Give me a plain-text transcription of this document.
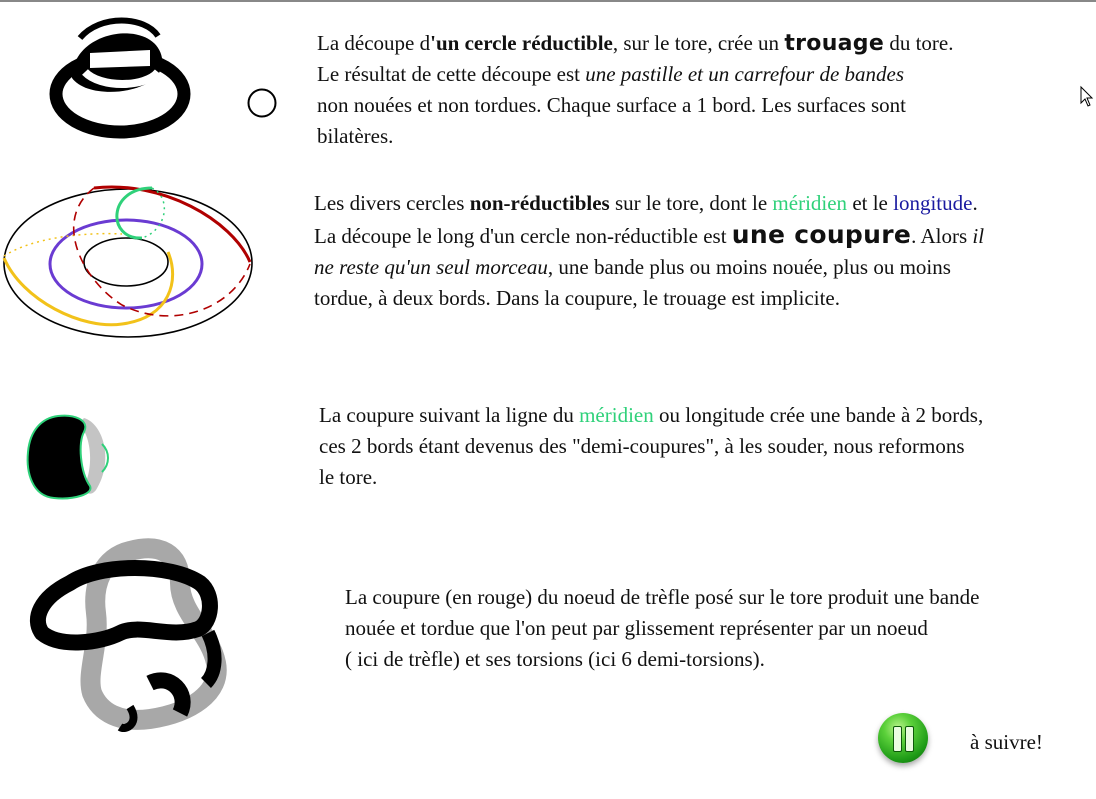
La découpe d'un cercle réductible, sur le tore, crée un trouage du tore.
Le résultat de cette découpe est une pastille et un carrefour de bandes
non nouées et non tordues. Chaque surface a 1 bord. Les surfaces sont
bilatères.
Les divers cercles non-réductibles sur le tore, dont le méridien et le longitude.
La découpe le long d'un cercle non-réductible est une coupure. Alors il
ne reste qu'un seul morceau, une bande plus ou moins nouée, plus ou moins
tordue, à deux bords. Dans la coupure, le trouage est implicite.
La coupure suivant la ligne du méridien ou longitude crée une bande à 2 bords,
ces 2 bords étant devenus des "demi-coupures", à les souder, nous reformons
le tore.
La coupure (en rouge) du noeud de trèfle posé sur le tore produit une bande
nouée et tordue que l'on peut par glissement représenter par un noeud
( ici de trèfle) et ses torsions (ici 6 demi-torsions).
à suivre!
